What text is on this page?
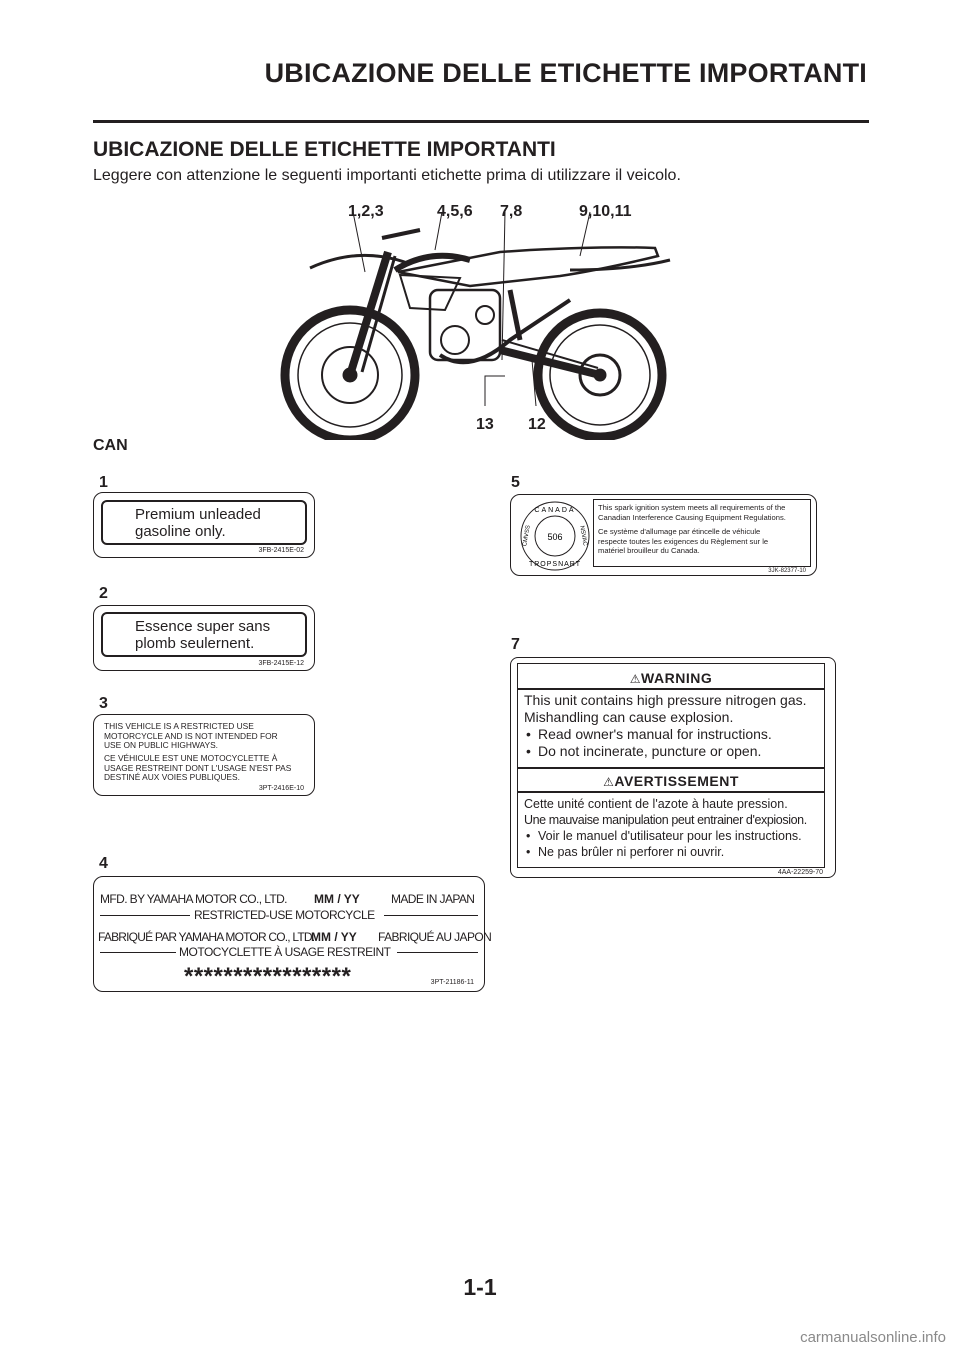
UBICAZIONE DELLE ETICHETTE IMPORTANTI
UBICAZIONE DELLE ETICHETTE IMPORTANTI
Leggere con attenzione le seguenti importanti etichette prima di utilizzare il veicolo.
1,2,3	4,5,6 7,8	9,10,11
13 12
CAN
1
Premium unleaded
gasoline only.
3FB-2415E-02
2
Essence super sans
plomb seulernent.
3FB-2415E-12
3
THIS VEHICLE IS A RESTRICTED USE
MOTORCYCLE AND IS NOT INTENDED FOR
USE ON PUBLIC HIGHWAYS.
CE VÉHICULE EST UNE MOTOCYCLETTE À
USAGE RESTREINT DONT L'USAGE N'EST PAS
DESTINÉ AUX VOIES PUBLIQUES.
3PT-2416E-10
4
MFD. BY YAMAHA MOTOR CO., LTD. MM / YY	MADE IN JAPAN
RESTRICTED-USE MOTORCYCLE
FABRIQUÉ PAR YAMAHA MOTOR CO., LTD.
MM / YY FABRIQUÉ AU JAPON
MOTOCYCLETTE À USAGE RESTREINT
*****************	3PT-21186-11
5
CANADA
TROPSNART
CMVSS	NSVAC
506
This spark ignition system meets all requirements of the
Canadian Interference Causing Equipment Regulations.
Ce système d'allumage par étincelle de véhicule
respecte toutes les exigences du Règlement sur le
matériel brouilleur du Canada.
3JK-82377-10
7
⚠WARNING
This unit contains high pressure nitrogen gas.
Mishandling can cause explosion.
• Read owner's manual for instructions.
• Do not incinerate, puncture or open.
⚠AVERTISSEMENT
Cette unité contient de l'azote à haute pression.
Une mauvaise manipulation peut entrainer d'expiosion.
• Voir le manuel d'utilisateur pour les instructions.
• Ne pas brûler ni perforer ni ouvrir.
4AA-22259-70
1-1
carmanualsonline.info
